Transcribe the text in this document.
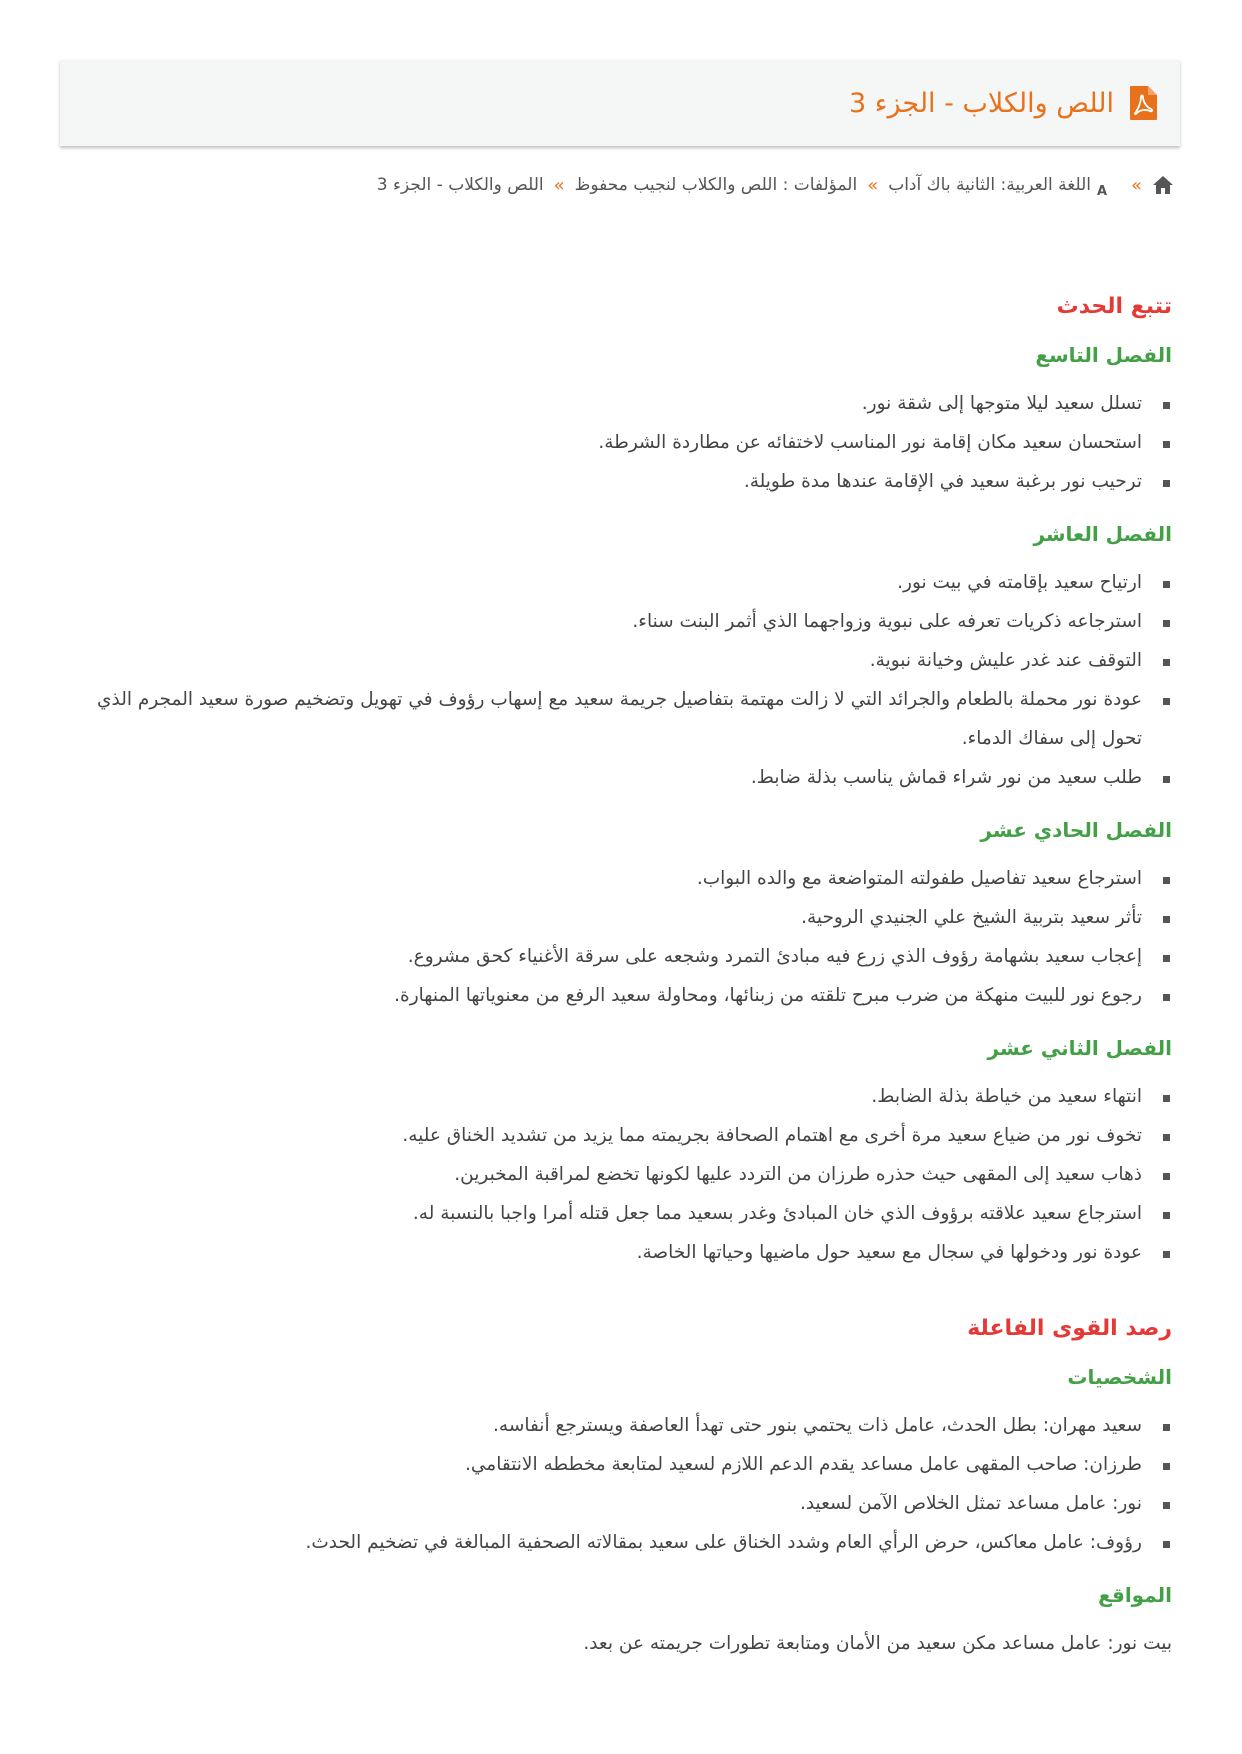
اللص والكلاب - الجزء 3
»
A
اللغة العربية: الثانية باك آداب
»
المؤلفات : اللص والكلاب لنجيب محفوظ
»
اللص والكلاب - الجزء 3
تتبع الحدث
الفصل التاسع
تسلل سعيد ليلا متوجها إلى شقة نور.
استحسان سعيد مكان إقامة نور المناسب لاختفائه عن مطاردة الشرطة.
ترحيب نور برغبة سعيد في الإقامة عندها مدة طويلة.
الفصل العاشر
ارتياح سعيد بإقامته في بيت نور.
استرجاعه ذكريات تعرفه على نبوية وزواجهما الذي أثمر البنت سناء.
التوقف عند غدر عليش وخيانة نبوية.
عودة نور محملة بالطعام والجرائد التي لا زالت مهتمة بتفاصيل جريمة سعيد مع إسهاب رؤوف في تهويل وتضخيم صورة سعيد المجرم الذي تحول إلى سفاك الدماء.
طلب سعيد من نور شراء قماش يناسب بذلة ضابط.
الفصل الحادي عشر
استرجاع سعيد تفاصيل طفولته المتواضعة مع والده البواب.
تأثر سعيد بتربية الشيخ علي الجنيدي الروحية.
إعجاب سعيد بشهامة رؤوف الذي زرع فيه مبادئ التمرد وشجعه على سرقة الأغنياء كحق مشروع.
رجوع نور للبيت منهكة من ضرب مبرح تلقته من زبنائها، ومحاولة سعيد الرفع من معنوياتها المنهارة.
الفصل الثاني عشر
انتهاء سعيد من خياطة بذلة الضابط.
تخوف نور من ضياع سعيد مرة أخرى مع اهتمام الصحافة بجريمته مما يزيد من تشديد الخناق عليه.
ذهاب سعيد إلى المقهى حيث حذره طرزان من التردد عليها لكونها تخضع لمراقبة المخبرين.
استرجاع سعيد علاقته برؤوف الذي خان المبادئ وغدر بسعيد مما جعل قتله أمرا واجبا بالنسبة له.
عودة نور ودخولها في سجال مع سعيد حول ماضيها وحياتها الخاصة.
رصد القوى الفاعلة
الشخصيات
سعيد مهران: بطل الحدث، عامل ذات يحتمي بنور حتى تهدأ العاصفة ويسترجع أنفاسه.
طرزان: صاحب المقهى عامل مساعد يقدم الدعم اللازم لسعيد لمتابعة مخططه الانتقامي.
نور: عامل مساعد تمثل الخلاص الآمن لسعيد.
رؤوف: عامل معاكس، حرض الرأي العام وشدد الخناق على سعيد بمقالاته الصحفية المبالغة في تضخيم الحدث.
المواقع

بيت نور: عامل مساعد مكن سعيد من الأمان ومتابعة تطورات جريمته عن بعد.
